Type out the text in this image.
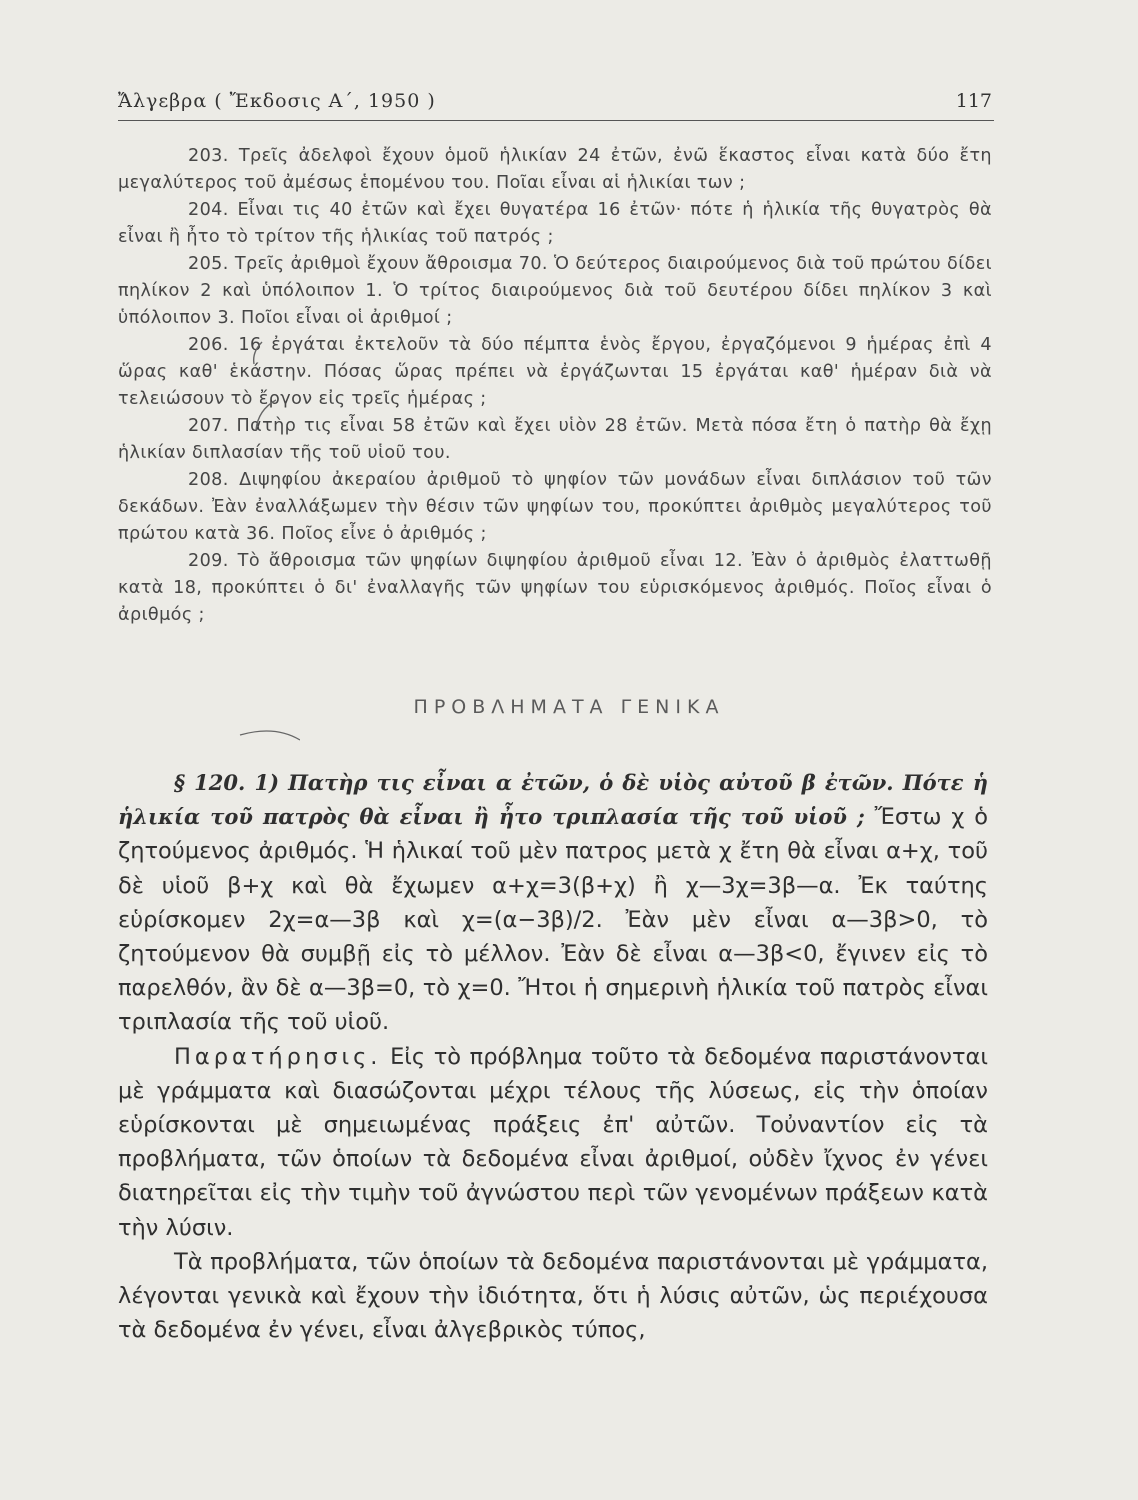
Ἄλγεβρα ( Ἔκδοσις Α΄, 1950 )	117

203. Τρεῖς ἀδελφοὶ ἔχουν ὁμοῦ ἡλικίαν 24 ἐτῶν, ἐνῶ ἕκαστος εἶναι κατὰ δύο ἔτη μεγαλύτερος τοῦ ἀμέσως ἑπομένου του. Ποῖαι εἶναι αἱ ἡλικίαι των ;

204. Εἶναι τις 40 ἐτῶν καὶ ἔχει θυγατέρα 16 ἐτῶν· πότε ἡ ἡλικία τῆς θυγατρὸς θὰ εἶναι ἢ ἦτο τὸ τρίτον τῆς ἡλικίας τοῦ πατρός ;

205. Τρεῖς ἀριθμοὶ ἔχουν ἄθροισμα 70. Ὁ δεύτερος διαιρούμενος διὰ τοῦ πρώτου δίδει πηλίκον 2 καὶ ὑπόλοιπον 1. Ὁ τρίτος διαιρούμενος διὰ τοῦ δευτέρου δίδει πηλίκον 3 καὶ ὑπόλοιπον 3. Ποῖοι εἶναι οἱ ἀριθμοί ;

206. 16 ἐργάται ἐκτελοῦν τὰ δύο πέμπτα ἑνὸς ἔργου, ἐργαζόμενοι 9 ἡμέρας ἐπὶ 4 ὥρας καθ' ἑκάστην. Πόσας ὥρας πρέπει νὰ ἐργάζωνται 15 ἐργάται καθ' ἡμέραν διὰ νὰ τελειώσουν τὸ ἔργον εἰς τρεῖς ἡμέρας ;

207. Πατὴρ τις εἶναι 58 ἐτῶν καὶ ἔχει υἱὸν 28 ἐτῶν. Μετὰ πόσα ἔτη ὁ πατὴρ θὰ ἔχῃ ἡλικίαν διπλασίαν τῆς τοῦ υἱοῦ του.

208. Διψηφίου ἀκεραίου ἀριθμοῦ τὸ ψηφίον τῶν μονάδων εἶναι διπλάσιον τοῦ τῶν δεκάδων. Ἐὰν ἐναλλάξωμεν τὴν θέσιν τῶν ψηφίων του, προκύπτει ἀριθμὸς μεγαλύτερος τοῦ πρώτου κατὰ 36. Ποῖος εἶνε ὁ ἀριθμός ;

209. Τὸ ἄθροισμα τῶν ψηφίων διψηφίου ἀριθμοῦ εἶναι 12. Ἐὰν ὁ ἀριθμὸς ἐλαττωθῇ κατὰ 18, προκύπτει ὁ δι' ἐναλλαγῆς τῶν ψηφίων του εὑρισκόμενος ἀριθμός. Ποῖος εἶναι ὁ ἀριθμός ;

ΠΡΟΒΛΗΜΑΤΑ ΓΕΝΙΚΑ

§ 120. 1) Πατὴρ τις εἶναι α ἐτῶν, ὁ δὲ υἱὸς αὐτοῦ β ἐτῶν. Πότε ἡ ἡλικία τοῦ πατρὸς θὰ εἶναι ἢ ἦτο τριπλασία τῆς τοῦ υἱοῦ ; Ἔστω χ ὁ ζητούμενος ἀριθμός. Ἡ ἡλικαί τοῦ μὲν πατρος μετὰ χ ἔτη θὰ εἶναι α+χ, τοῦ δὲ υἱοῦ β+χ καὶ θὰ ἔχωμεν α+χ=3(β+χ) ἢ χ—3χ=3β—α. Ἐκ ταύτης εὑρίσκομεν 2χ=α—3β καὶ χ=(α−3β)/2. Ἐὰν μὲν εἶναι α—3β>0, τὸ ζητούμενον θὰ συμβῇ εἰς τὸ μέλλον. Ἐὰν δὲ εἶναι α—3β<0, ἔγινεν εἰς τὸ παρελθόν, ἂν δὲ α—3β=0, τὸ χ=0. Ἤτοι ἡ σημερινὴ ἡλικία τοῦ πατρὸς εἶναι τριπλασία τῆς τοῦ υἱοῦ.

Παρατήρησις. Εἰς τὸ πρόβλημα τοῦτο τὰ δεδομένα παριστάνονται μὲ γράμματα καὶ διασώζονται μέχρι τέλους τῆς λύσεως, εἰς τὴν ὁποίαν εὑρίσκονται μὲ σημειωμένας πράξεις ἐπ' αὐτῶν. Τοὐναντίον εἰς τὰ προβλήματα, τῶν ὁποίων τὰ δεδομένα εἶναι ἀριθμοί, οὐδὲν ἴχνος ἐν γένει διατηρεῖται εἰς τὴν τιμὴν τοῦ ἀγνώστου περὶ τῶν γενομένων πράξεων κατὰ τὴν λύσιν.

Τὰ προβλήματα, τῶν ὁποίων τὰ δεδομένα παριστάνονται μὲ γράμματα, λέγονται γενικὰ καὶ ἔχουν τὴν ἰδιότητα, ὅτι ἡ λύσις αὐτῶν, ὡς περιέχουσα τὰ δεδομένα ἐν γένει, εἶναι ἀλγεβρικὸς τύπος,
